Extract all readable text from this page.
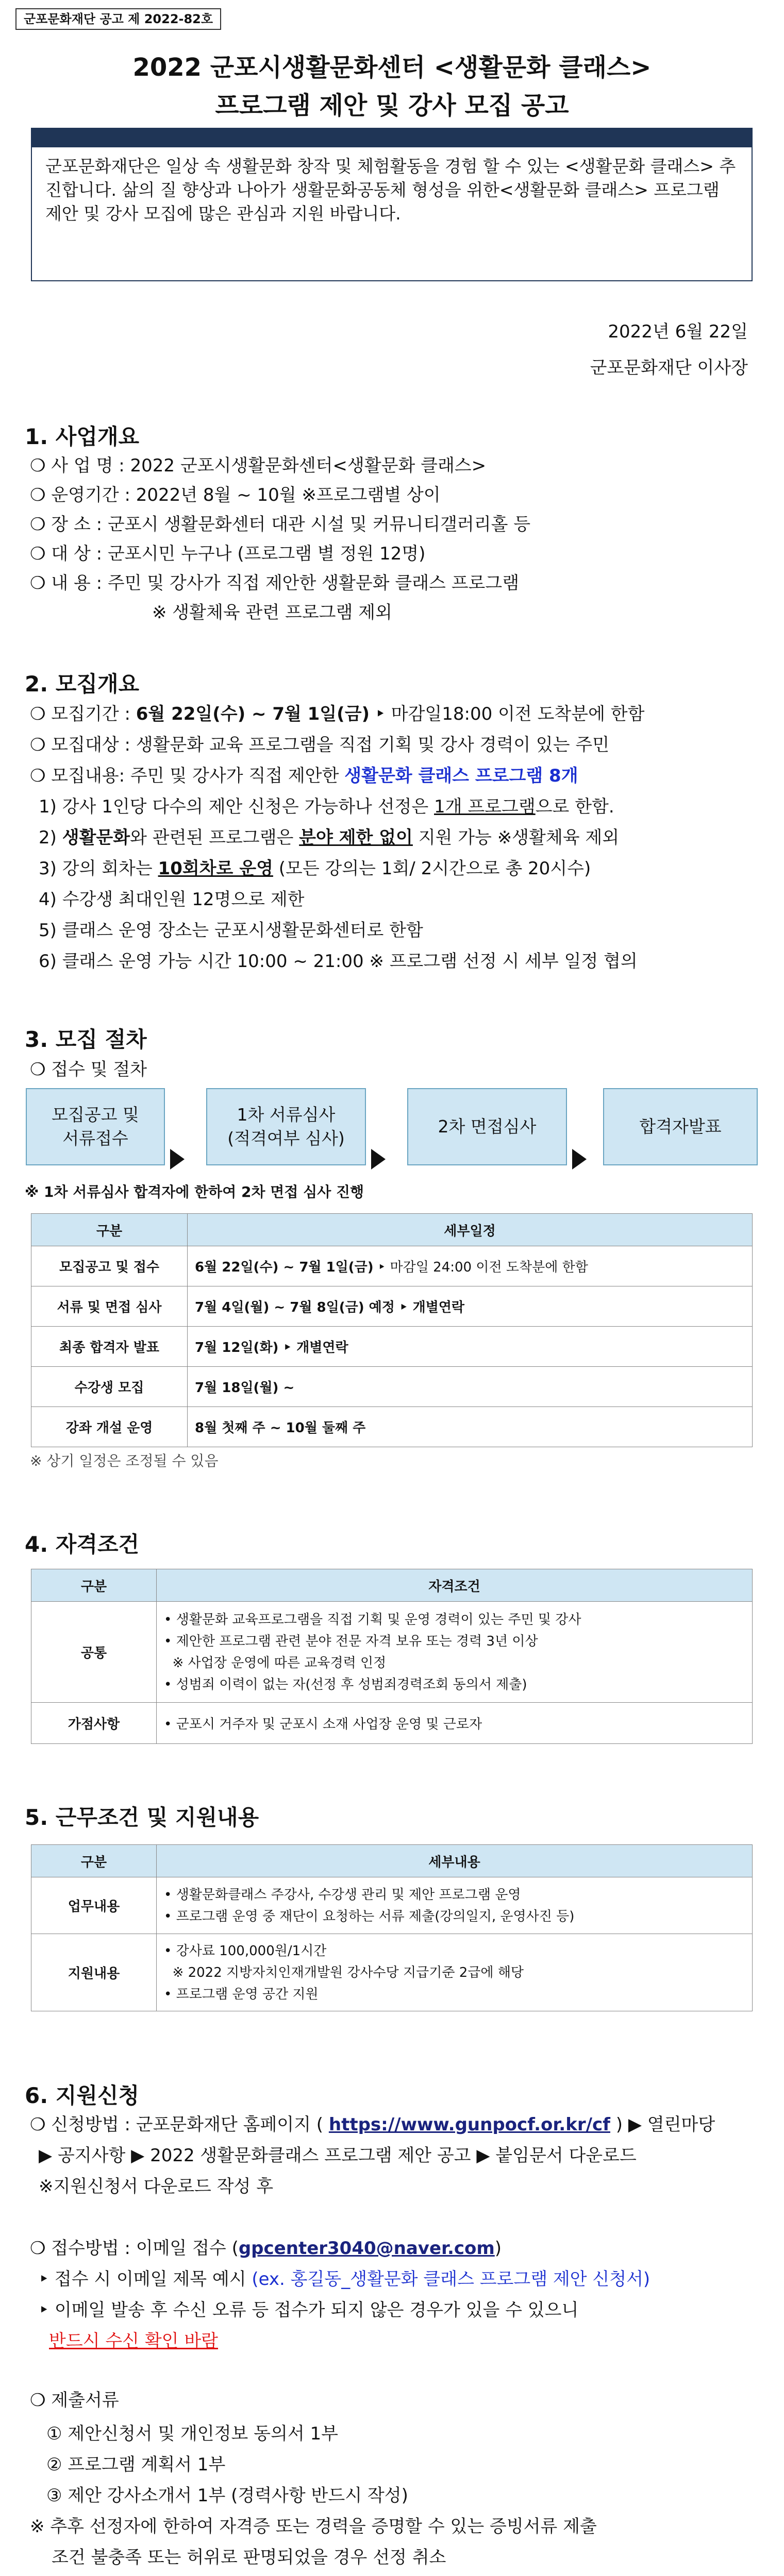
군포문화재단 공고 제 2022-82호
2022 군포시생활문화센터 <생활문화 클래스>
프로그램 제안 및 강사 모집 공고
군포문화재단은 일상 속 생활문화 창작 및 체험활동을 경험 할 수 있는 <생활문화 클래스> 추진합니다. 삶의 질 향상과 나아가 생활문화공동체 형성을 위한<생활문화 클래스> 프로그램 제안 및 강사 모집에 많은 관심과 지원 바랍니다.
2022년 6월 22일
군포문화재단 이사장
1. 사업개요
❍ 사 업 명 : 2022 군포시생활문화센터<생활문화 클래스>
❍ 운영기간 : 2022년 8월 ~ 10월 ※프로그램별 상이
❍ 장 소 : 군포시 생활문화센터 대관 시설 및 커뮤니티갤러리홀 등
❍ 대 상 : 군포시민 누구나 (프로그램 별 정원 12명)
❍ 내 용 : 주민 및 강사가 직접 제안한 생활문화 클래스 프로그램
※ 생활체육 관련 프로그램 제외
2. 모집개요
❍ 모집기간 : 6월 22일(수) ~ 7월 1일(금) ‣ 마감일18:00 이전 도착분에 한함
❍ 모집대상 : 생활문화 교육 프로그램을 직접 기획 및 강사 경력이 있는 주민
❍ 모집내용: 주민 및 강사가 직접 제안한 생활문화 클래스 프로그램 8개
1) 강사 1인당 다수의 제안 신청은 가능하나 선정은 1개 프로그램으로 한함.
2) 생활문화와 관련된 프로그램은 분야 제한 없이 지원 가능 ※생활체육 제외
3) 강의 회차는 10회차로 운영 (모든 강의는 1회/ 2시간으로 총 20시수)
4) 수강생 최대인원 12명으로 제한
5) 클래스 운영 장소는 군포시생활문화센터로 한함
6) 클래스 운영 가능 시간 10:00 ~ 21:00 ※ 프로그램 선정 시 세부 일정 협의
3. 모집 절차
❍ 접수 및 절차
모집공고 및
서류접수
1차 서류심사
(적격여부 심사)
2차 면접심사	합격자발표
※ 1차 서류심사 합격자에 한하여 2차 면접 심사 진행
구분	세부일정
모집공고 및 접수	6월 22일(수) ~ 7월 1일(금) ‣ 마감일 24:00 이전 도착분에 한함
서류 및 면접 심사	7월 4일(월) ~ 7월 8일(금) 예정 ‣ 개별연락
최종 합격자 발표	7월 12일(화) ‣ 개별연락
수강생 모집	7월 18일(월) ~
강좌 개설 운영	8월 첫째 주 ~ 10월 둘째 주
※ 상기 일정은 조정될 수 있음
4. 자격조건
구분	자격조건
공통	• 생활문화 교육프로그램을 직접 기획 및 운영 경력이 있는 주민 및 강사
• 제안한 프로그램 관련 분야 전문 자격 보유 또는 경력 3년 이상
※ 사업장 운영에 따른 교육경력 인정
• 성범죄 이력이 없는 자(선정 후 성범죄경력조회 동의서 제출)

가점사항	• 군포시 거주자 및 군포시 소재 사업장 운영 및 근로자
5. 근무조건 및 지원내용
구분	세부내용
업무내용	• 생활문화클래스 주강사, 수강생 관리 및 제안 프로그램 운영
• 프로그램 운영 중 재단이 요청하는 서류 제출(강의일지, 운영사진 등)

지원내용	• 강사료 100,000원/1시간
※ 2022 지방자치인재개발원 강사수당 지급기준 2급에 해당
• 프로그램 운영 공간 지원
6. 지원신청
❍ 신청방법 : 군포문화재단 홈페이지 ( https://www.gunpocf.or.kr/cf ) ▶ 열린마당
▶ 공지사항 ▶ 2022 생활문화클래스 프로그램 제안 공고 ▶ 붙임문서 다운로드
※지원신청서 다운로드 작성 후
❍ 접수방법 : 이메일 접수 (gpcenter3040@naver.com)
‣ 접수 시 이메일 제목 예시 (ex. 홍길동_생활문화 클래스 프로그램 제안 신청서)
‣ 이메일 발송 후 수신 오류 등 접수가 되지 않은 경우가 있을 수 있으니
반드시 수신 확인 바람
❍ 제출서류
① 제안신청서 및 개인정보 동의서 1부
② 프로그램 계획서 1부
③ 제안 강사소개서 1부 (경력사항 반드시 작성)
※ 추후 선정자에 한하여 자격증 또는 경력을 증명할 수 있는 증빙서류 제출
조건 불충족 또는 허위로 판명되었을 경우 선정 취소
